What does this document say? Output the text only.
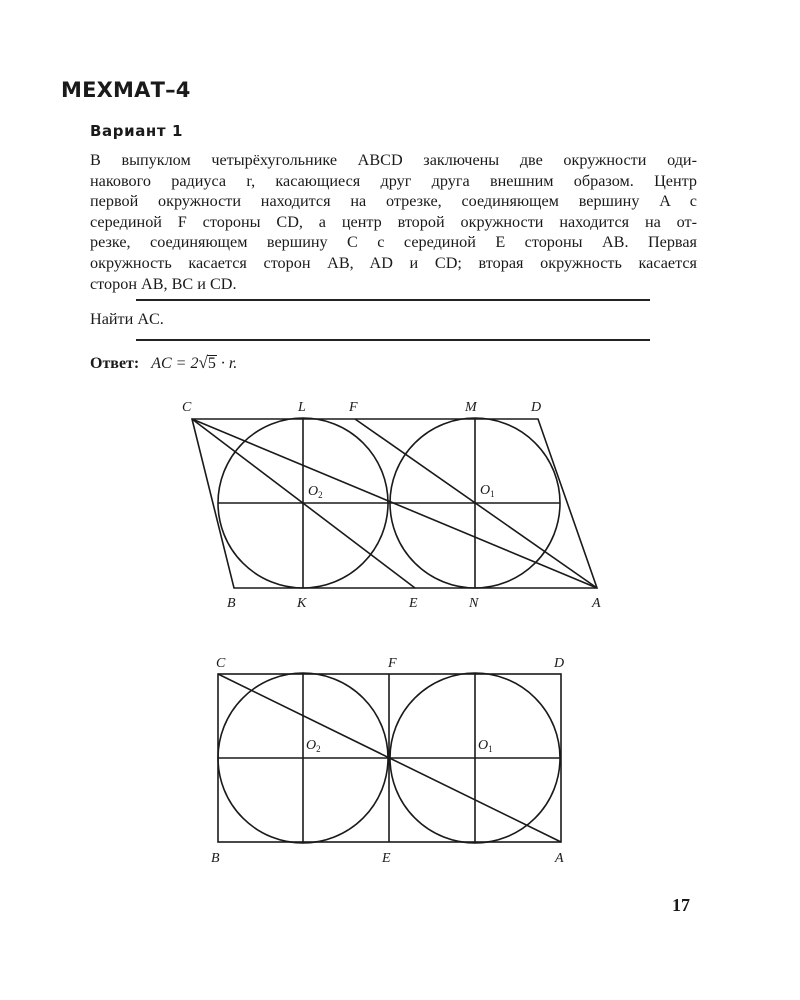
МЕХМАТ–4
Вариант 1

В выпуклом четырёхугольнике ABCD заключены две окружности оди-
накового радиуса r, касающиеся друг друга внешним образом. Центр
первой окружности находится на отрезке, соединяющем вершину A с
серединой F стороны CD, а центр второй окружности находится на от-
резке, соединяющем вершину C с серединой E стороны AB. Первая
окружность касается сторон AB, AD и CD; вторая окружность касается
сторон AB, BC и CD.

Найти AC.
Ответ: AC = 2√5 · r.
C	L	F	M	D
B	K	E	N	A
$O_2$	$O_1$
C	F	D
B	E	A
$O_2$	$O_1$
17
